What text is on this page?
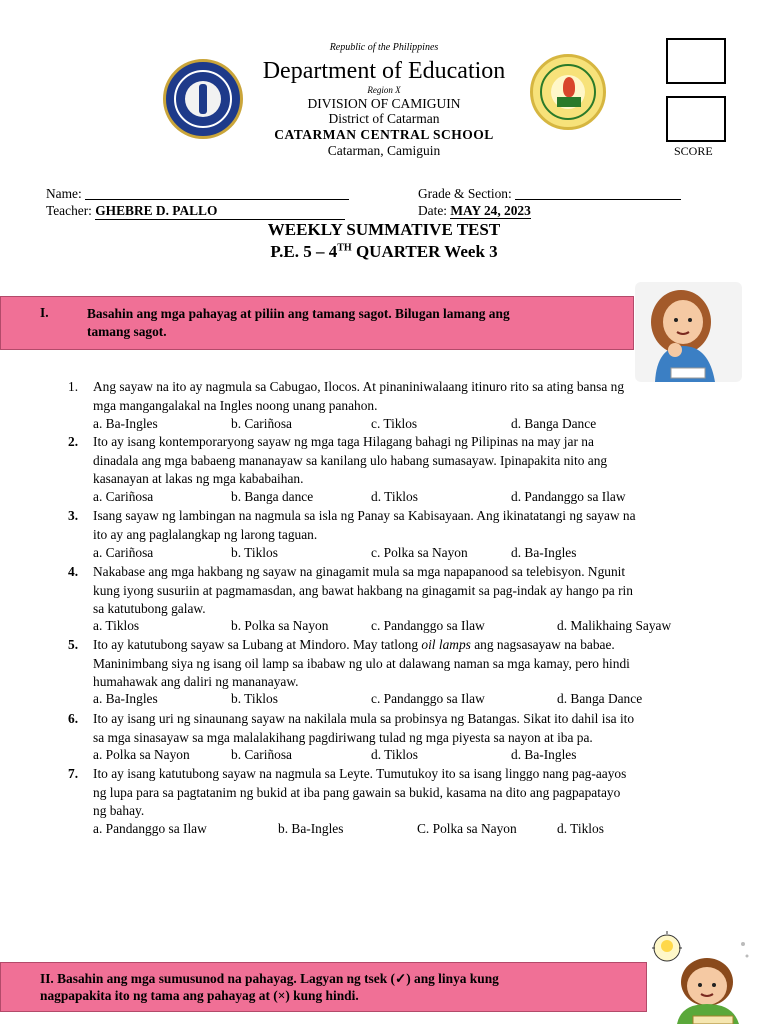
Republic of the Philippines
Department of Education
Region X
DIVISION OF CAMIGUIN
District of Catarman
CATARMAN CENTRAL SCHOOL
Catarman, Camiguin	SCORE
Name:	Grade & Section:
Teacher: GHEBRE D. PALLO	Date: MAY 24, 2023
WEEKLY SUMMATIVE TEST
P.E. 5 – 4TH QUARTER Week 3
I.	Basahin ang mga pahayag at piliin ang tamang sagot. Bilugan lamang ang
tamang sagot.
1. Ang sayaw na ito ay nagmula sa Cabugao, Ilocos. At pinaniniwalaang itinuro rito sa ating bansa ng
mga mangangalakal na Ingles noong unang panahon.
a. Ba-Ingles	b. Cariñosa	c. Tiklos	d. Banga Dance
2. Ito ay isang kontemporaryong sayaw ng mga taga Hilagang bahagi ng Pilipinas na may jar na
dinadala ang mga babaeng mananayaw sa kanilang ulo habang sumasayaw. Ipinapakita nito ang
kasanayan at lakas ng mga kababaihan.
a. Cariñosa	b. Banga dance	d. Tiklos	d. Pandanggo sa Ilaw
3. Isang sayaw ng lambingan na nagmula sa isla ng Panay sa Kabisayaan. Ang ikinatatangi ng sayaw na
ito ay ang paglalangkap ng larong taguan.
a. Cariñosa	b. Tiklos	c. Polka sa Nayon	d. Ba-Ingles
4. Nakabase ang mga hakbang ng sayaw na ginagamit mula sa mga napapanood sa telebisyon. Ngunit
kung iyong susuriin at pagmamasdan, ang bawat hakbang na ginagamit sa pag-indak ay hango pa rin
sa katutubong galaw.
a. Tiklos	b. Polka sa Nayon	c. Pandanggo sa Ilaw	d. Malikhaing Sayaw
5. Ito ay katutubong sayaw sa Lubang at Mindoro. May tatlong oil lamps ang nagsasayaw na babae.
Maninimbang siya ng isang oil lamp sa ibabaw ng ulo at dalawang naman sa mga kamay, pero hindi
humahawak ang daliri ng mananayaw.
a. Ba-Ingles	b. Tiklos	c. Pandanggo sa Ilaw	d. Banga Dance
6. Ito ay isang uri ng sinaunang sayaw na nakilala mula sa probinsya ng Batangas. Sikat ito dahil isa ito
sa mga sinasayaw sa mga malalakihang pagdiriwang tulad ng mga piyesta sa nayon at iba pa.
a. Polka sa Nayon	b. Cariñosa	d. Tiklos	d. Ba-Ingles
7. Ito ay isang katutubong sayaw na nagmula sa Leyte. Tumutukoy ito sa isang linggo nang pag-aayos
ng lupa para sa pagtatanim ng bukid at iba pang gawain sa bukid, kasama na dito ang pagpapatayo
ng bahay.
a. Pandanggo sa Ilaw	b. Ba-Ingles	C. Polka sa Nayon	d. Tiklos
II. Basahin ang mga sumusunod na pahayag. Lagyan ng tsek (✓) ang linya kung
nagpapakita ito ng tama ang pahayag at (×) kung hindi.
